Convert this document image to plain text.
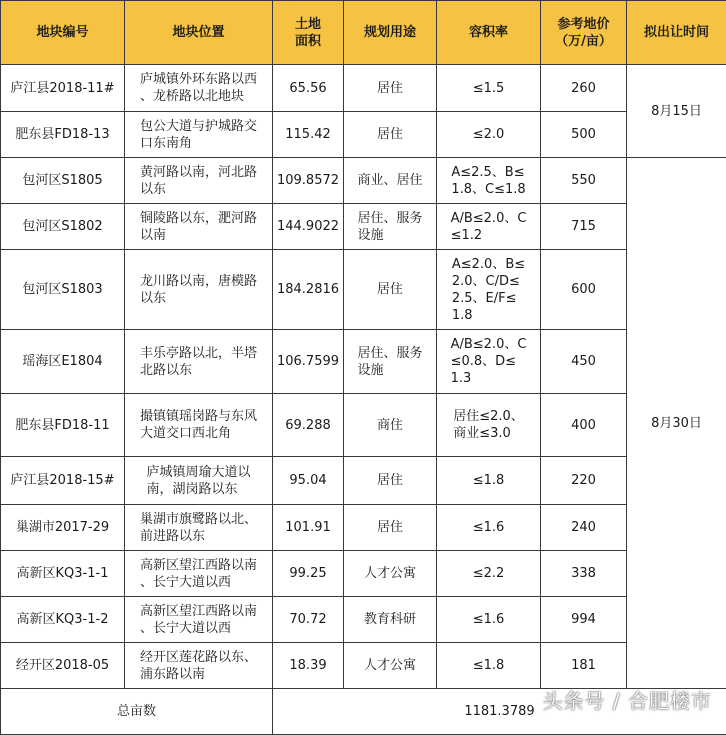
地块编号	地块位置	土地
面积	规划用途	容积率	参考地价
（万/亩）	拟出让时间
庐江县2018-11#	庐城镇外环东路以西
、龙桥路以北地块	65.56	居住	≤1.5	260	8月15日
肥东县FD18-13	包公大道与护城路交
口东南角	115.42	居住	≤2.0	500	
包河区S1805	黄河路以南，河北路
以东	109.8572	商业、居住	A≤2.5、B≤
1.8、C≤1.8	550	8月30日
包河区S1802	铜陵路以东，淝河路
以南	144.9022	居住、服务
设施	A/B≤2.0、C
≤1.2	715	
包河区S1803	龙川路以南，唐模路
以东	184.2816	居住	A≤2.0、B≤
2.0、C/D≤
2.5、E/F≤
1.8	600	
瑶海区E1804	丰乐亭路以北，半塔
北路以东	106.7599	居住、服务
设施	A/B≤2.0、C
≤0.8、D≤
1.3	450	
肥东县FD18-11	撮镇镇瑶岗路与东风
大道交口西北角	69.288	商住	居住≤2.0、
商业≤3.0	400	
庐江县2018-15#	庐城镇周瑜大道以
南，湖岗路以东	95.04	居住	≤1.8	220	
巢湖市2017-29	巢湖市旗鹭路以北、
前进路以东	101.91	居住	≤1.6	240	
高新区KQ3-1-1	高新区望江西路以南
、长宁大道以西	99.25	人才公寓	≤2.2	338	
高新区KQ3-1-2	高新区望江西路以南
、长宁大道以西	70.72	教育科研	≤1.6	994	
经开区2018-05	经开区莲花路以东、
浦东路以南	18.39	人才公寓	≤1.8	181	
总亩数		1181.3789				头条号 / 合肥楼市
